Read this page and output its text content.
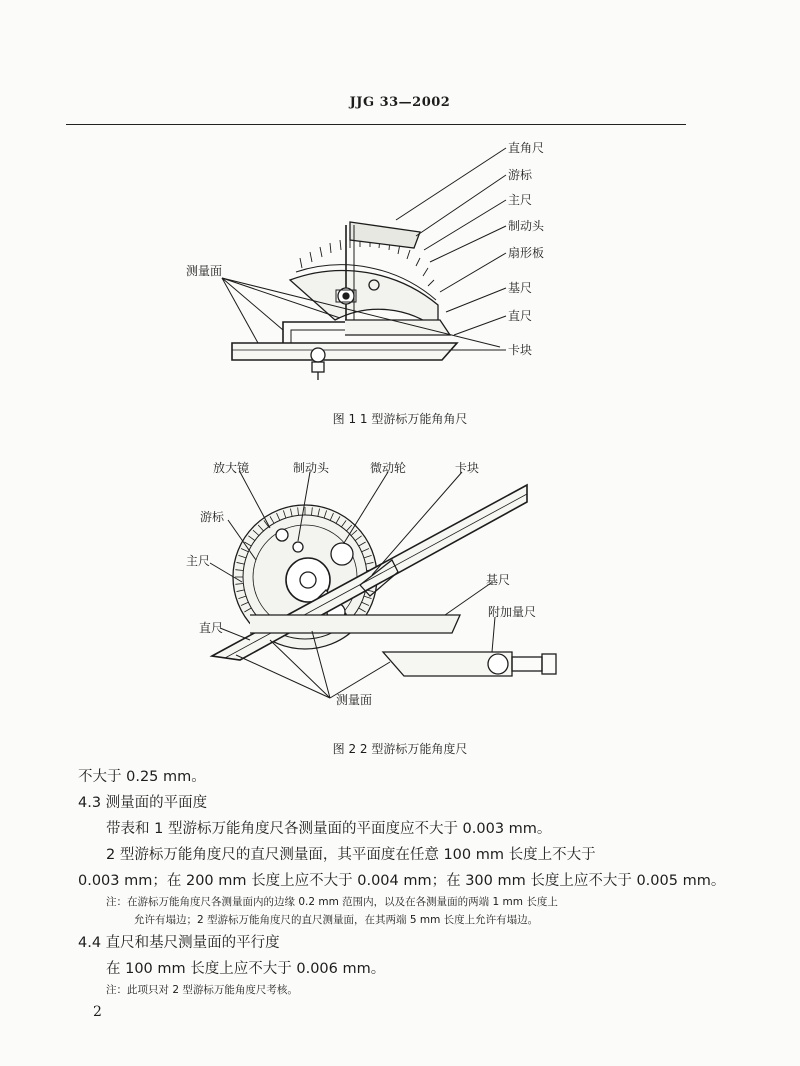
JJG 33—2002
直角尺
游标
主尺
制动头
扇形板
基尺
直尺
卡块
测量面
图 1 1 型游标万能角角尺
放大镜	制动头	微动轮	卡块
游标
主尺
基尺
附加量尺
直尺
测量面
图 2 2 型游标万能角度尺
不大于 0.25 mm。
4.3 测量面的平面度
带表和 1 型游标万能角度尺各测量面的平面度应不大于 0.003 mm。
2 型游标万能角度尺的直尺测量面，其平面度在任意 100 mm 长度上不大于
0.003 mm；在 200 mm 长度上应不大于 0.004 mm；在 300 mm 长度上应不大于 0.005 mm。
注：在游标万能角度尺各测量面内的边缘 0.2 mm 范围内，以及在各测量面的两端 1 mm 长度上
允许有塌边；2 型游标万能角度尺的直尺测量面，在其两端 5 mm 长度上允许有塌边。
4.4 直尺和基尺测量面的平行度
在 100 mm 长度上应不大于 0.006 mm。
注：此项只对 2 型游标万能角度尺考核。
2
